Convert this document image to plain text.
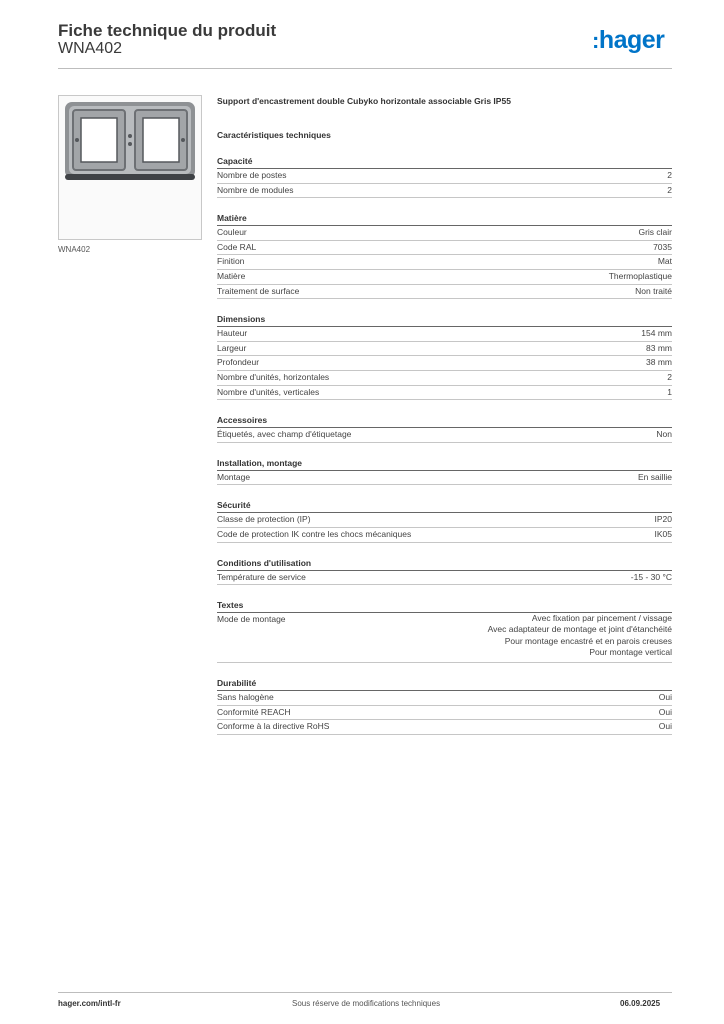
Fiche technique du produit
WNA402	:hager
WNA402
Support d'encastrement double Cubyko horizontale associable Gris IP55
Caractéristiques techniques
Capacité
Nombre de postes	2
Nombre de modules	2
Matière
Couleur	Gris clair
Code RAL	7035
Finition	Mat
Matière	Thermoplastique
Traitement de surface	Non traité
Dimensions
Hauteur	154 mm
Largeur	83 mm
Profondeur	38 mm
Nombre d'unités, horizontales	2
Nombre d'unités, verticales	1
Accessoires
Étiquetés, avec champ d'étiquetage	Non
Installation, montage
Montage	En saillie
Sécurité
Classe de protection (IP)	IP20
Code de protection IK contre les chocs mécaniques	IK05
Conditions d'utilisation
Température de service	-15 - 30 °C
Textes
Mode de montage	Avec fixation par pincement / vissage
Avec adaptateur de montage et joint d'étanchéité
Pour montage encastré et en parois creuses
Pour montage vertical
Durabilité
Sans halogène	Oui
Conformité REACH	Oui
Conforme à la directive RoHS	Oui
hager.com/intl-fr	Sous réserve de modifications techniques	06.09.2025
